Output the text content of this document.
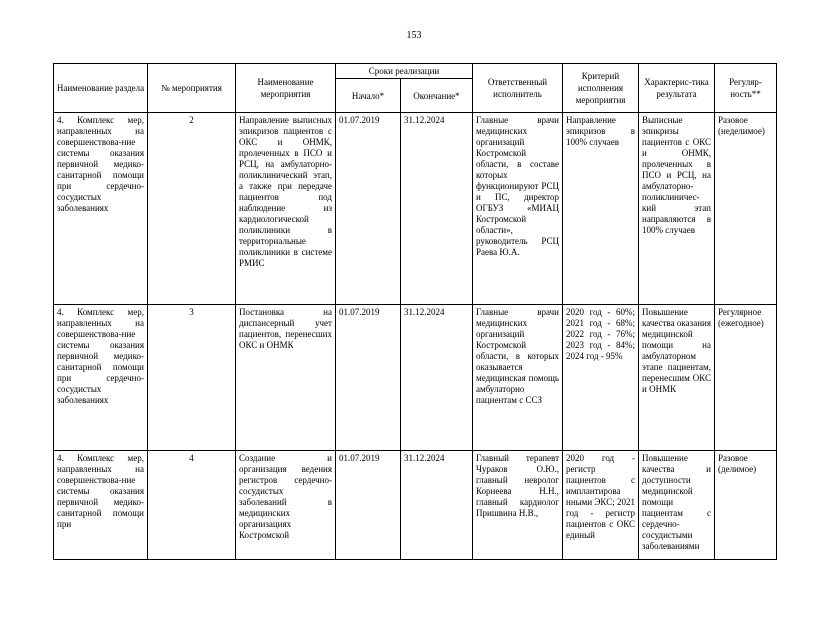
153
Наименование раздела	№ мероприятия	Наименование мероприятия	Сроки реализации		Ответственный исполнитель	Критерий исполнения мероприятия	Характерис-тика результата	Регуляр-ность**
			Начало*	Окончание*				
4. Комплекс мер, направленных на совершенствова-ние системы оказания первичной медико-санитарной помощи при сердечно-сосудистых заболеваниях	2	Направление выписных эпикризов пациентов с ОКС и ОНМК, пролеченных в ПСО и РСЦ, на амбулаторно-поликлинический этап, а также при передаче пациентов под наблюдение из кардиологической поликлиники в территориальные поликлиники в системе РМИС	01.07.2019	31.12.2024	Главные врачи медицинских организаций Костромской области, в составе которых функционируют РСЦ и ПС, директор ОГБУЗ «МИАЦ Костромской области», руководитель РСЦ Раева Ю.А.	Направление эпикризов в 100% случаев	Выписные эпикризы пациентов с ОКС и ОНМК, пролеченных в ПСО и РСЦ, на амбулаторно-поликлиничес-кий этап направляются в 100% случаев	Разовое (неделимое)
4. Комплекс мер, направленных на совершенствова-ние системы оказания первичной медико-санитарной помощи при сердечно-сосудистых заболеваниях	3	Постановка на диспансерный учет пациентов, перенесших ОКС и ОНМК	01.07.2019	31.12.2024	Главные врачи медицинских организаций Костромской области, в которых оказывается медицинская помощь амбулаторно пациентам с ССЗ	2020 год - 60%; 2021 год - 68%; 2022 год - 76%; 2023 год - 84%; 2024 год - 95%	Повышение качества оказания медицинской помощи на амбулаторном этапе пациентам, перенесшим ОКС и ОНМК	Регулярное (ежегодное)

4. Комплекс мер, направленных на совершенствова-ние системы оказания первичной медико-санитарной помощи при	4	Создание и организация ведения регистров сердечно-сосудистых заболеваний в медицинских организациях Костромской	01.07.2019	31.12.2024	Главный терапевт Чураков О.Ю., главный невролог Корнеева Н.Н., главный кардиолог Пришвина Н.В.,	2020 год - регистр пациентов с имплантирова нными ЭКС; 2021 год - регистр пациентов с ОКС единый	Повышение качества и доступности медицинской помощи пациентам с сердечно-сосудистыми заболеваниями	Разовое (делимое)
